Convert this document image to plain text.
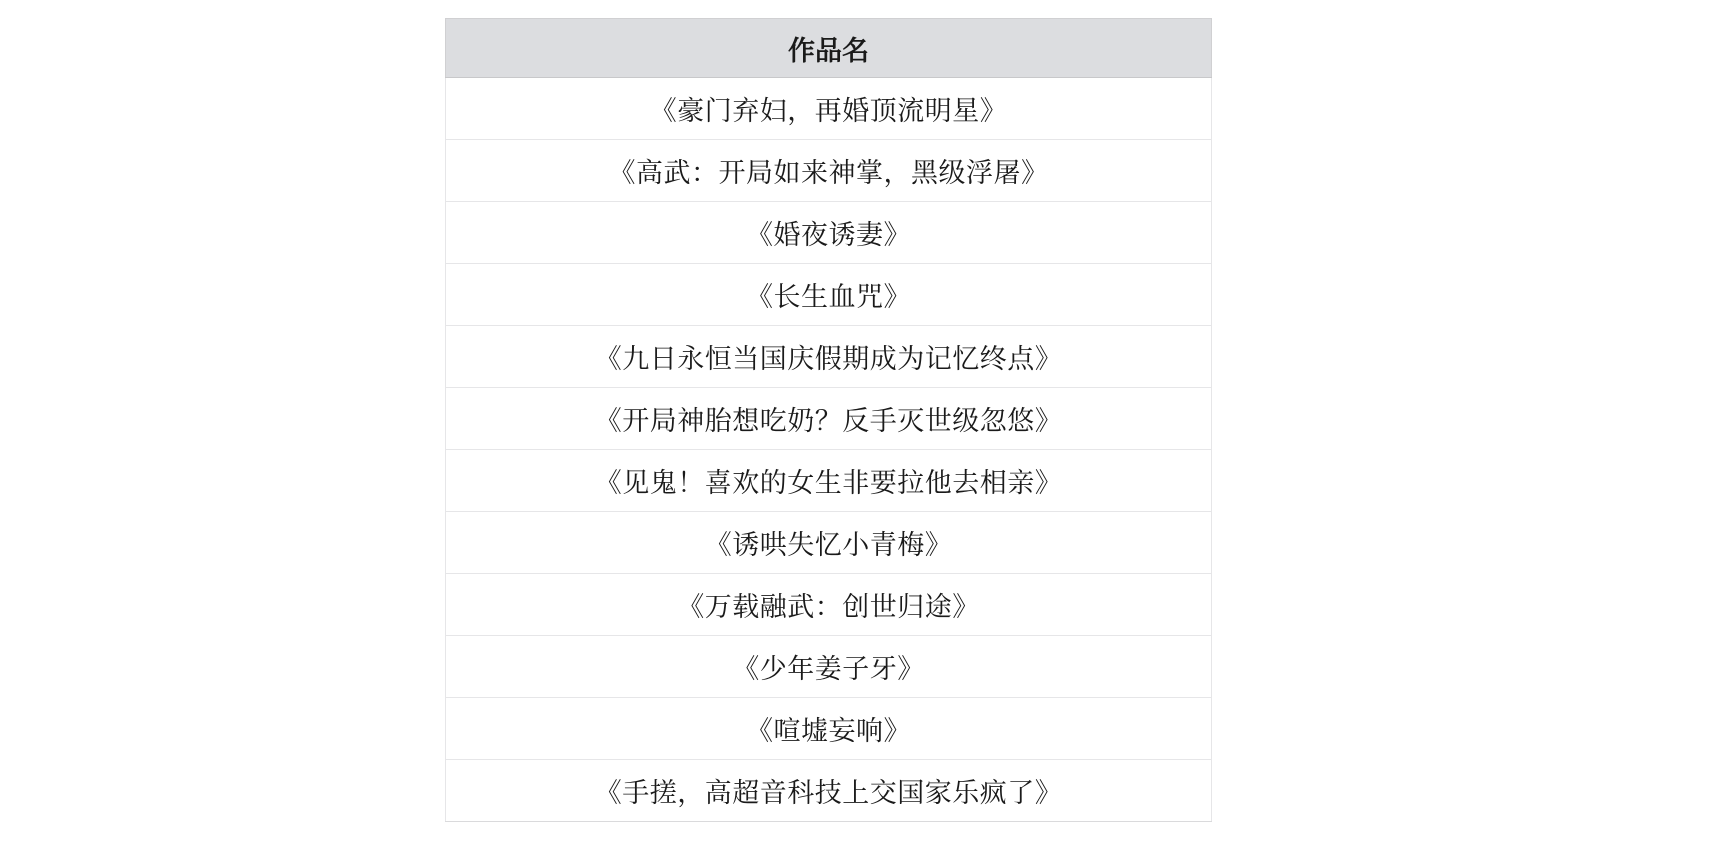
作品名
《豪门弃妇，再婚顶流明星》
《高武：开局如来神掌，黑级浮屠》
《婚夜诱妻》
《长生血咒》
《九日永恒当国庆假期成为记忆终点》
《开局神胎想吃奶？反手灭世级忽悠》
《见鬼！喜欢的女生非要拉他去相亲》
《诱哄失忆小青梅》
《万载融武：创世归途》
《少年姜子牙》
《喧墟妄响》
《手搓，高超音科技上交国家乐疯了》
